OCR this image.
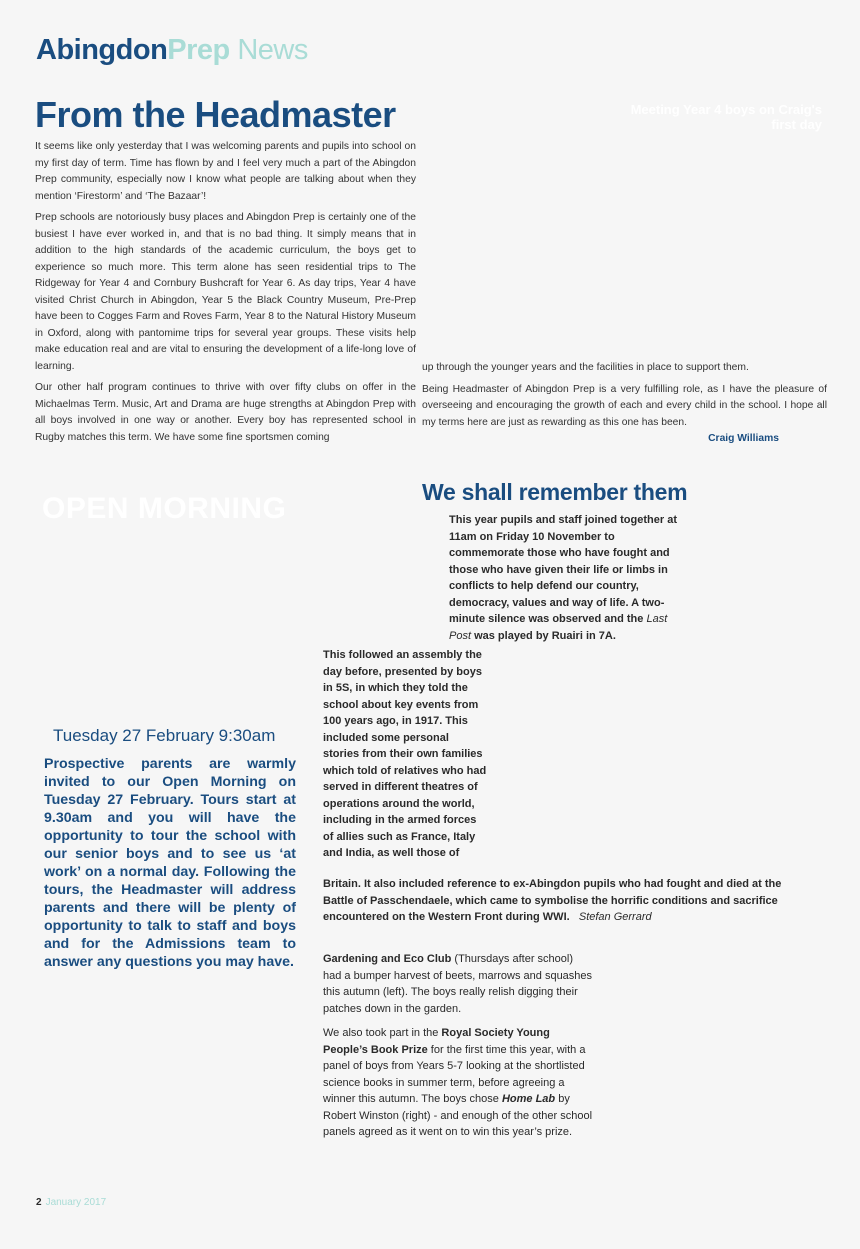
AbingdonPrep News
From the Headmaster	Meeting Year 4 boys on Craig's first day

It seems like only yesterday that I was welcoming parents and pupils into school on my first day of term. Time has flown by and I feel very much a part of the Abingdon Prep community, especially now I know what people are talking about when they mention ‘Firestorm’ and ‘The Bazaar’!

Prep schools are notoriously busy places and Abingdon Prep is certainly one of the busiest I have ever worked in, and that is no bad thing. It simply means that in addition to the high standards of the academic curriculum, the boys get to experience so much more. This term alone has seen residential trips to The Ridgeway for Year 4 and Cornbury Bushcraft for Year 6. As day trips, Year 4 have visited Christ Church in Abingdon, Year 5 the Black Country Museum, Pre-Prep have been to Cogges Farm and Roves Farm, Year 8 to the Natural History Museum in Oxford, along with pantomime trips for several year groups. These visits help make education real and are vital to ensuring the development of a life-long love of learning.

Our other half program continues to thrive with over fifty clubs on offer in the Michaelmas Term. Music, Art and Drama are huge strengths at Abingdon Prep with all boys involved in one way or another. Every boy has represented school in Rugby matches this term. We have some fine sportsmen coming

up through the younger years and the facilities in place to support them.

Being Headmaster of Abingdon Prep is a very fulfilling role, as I have the pleasure of overseeing and encouraging the growth of each and every child in the school. I hope all my terms here are just as rewarding as this one has been.

Craig Williams
OPEN MORNING
Tuesday 27 February 9:30am
Prospective parents are warmly invited to our Open Morning on Tuesday 27 February. Tours start at 9.30am and you will have the opportunity to tour the school with our senior boys and to see us ‘at work’ on a normal day. Following the tours, the Headmaster will address parents and there will be plenty of opportunity to talk to staff and boys and for the Admissions team to answer any questions you may have.
We shall remember them
This year pupils and staff joined together at 11am on Friday 10 November to commemorate those who have fought and those who have given their life or limbs in conflicts to help defend our country, democracy, values and way of life. A two-minute silence was observed and the Last Post was played by Ruairi in 7A.
This followed an assembly the day before, presented by boys in 5S, in which they told the school about key events from 100 years ago, in 1917. This included some personal stories from their own families which told of relatives who had served in different theatres of operations around the world, including in the armed forces of allies such as France, Italy and India, as well those of
Britain. It also included reference to ex-Abingdon pupils who had fought and died at the Battle of Passchendaele, which came to symbolise the horrific conditions and sacrifice encountered on the Western Front during WWI. Stefan Gerrard

Gardening and Eco Club (Thursdays after school) had a bumper harvest of beets, marrows and squashes this autumn (left). The boys really relish digging their patches down in the garden.

We also took part in the Royal Society Young People’s Book Prize for the first time this year, with a panel of boys from Years 5-7 looking at the shortlisted science books in summer term, before agreeing a winner this autumn. The boys chose Home Lab by Robert Winston (right) - and enough of the other school panels agreed as it went on to win this year’s prize.

2 January 2017
